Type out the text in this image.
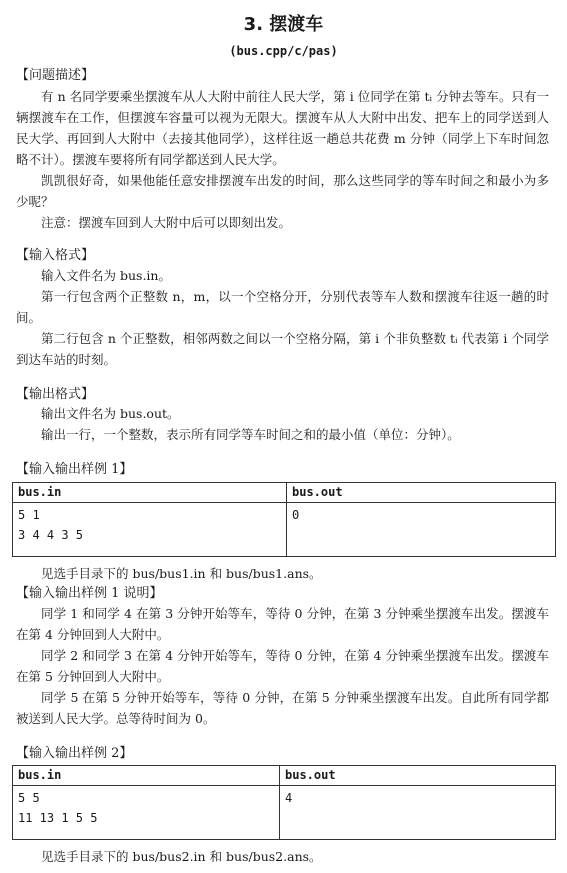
3. 摆渡车
(bus.cpp/c/pas)
【问题描述】
有 n 名同学要乘坐摆渡车从人大附中前往人民大学，第 i 位同学在第 tᵢ 分钟去等车。只有一辆摆渡车在工作，但摆渡车容量可以视为无限大。摆渡车从人大附中出发、把车上的同学送到人民大学、再回到人大附中（去接其他同学），这样往返一趟总共花费 m 分钟（同学上下车时间忽略不计）。摆渡车要将所有同学都送到人民大学。
凯凯很好奇，如果他能任意安排摆渡车出发的时间，那么这些同学的等车时间之和最小为多少呢？
注意：摆渡车回到人大附中后可以即刻出发。
【输入格式】
输入文件名为 bus.in。
第一行包含两个正整数 n，m，以一个空格分开，分别代表等车人数和摆渡车往返一趟的时间。
第二行包含 n 个正整数，相邻两数之间以一个空格分隔，第 i 个非负整数 tᵢ 代表第 i 个同学到达车站的时刻。
【输出格式】
输出文件名为 bus.out。
输出一行，一个整数，表示所有同学等车时间之和的最小值（单位：分钟）。
【输入输出样例 1】
bus.in	bus.out

5 1
3 4 4 3 5	0
见选手目录下的 bus/bus1.in 和 bus/bus1.ans。
【输入输出样例 1 说明】
同学 1 和同学 4 在第 3 分钟开始等车，等待 0 分钟，在第 3 分钟乘坐摆渡车出发。摆渡车在第 4 分钟回到人大附中。
同学 2 和同学 3 在第 4 分钟开始等车，等待 0 分钟，在第 4 分钟乘坐摆渡车出发。摆渡车在第 5 分钟回到人大附中。
同学 5 在第 5 分钟开始等车，等待 0 分钟，在第 5 分钟乘坐摆渡车出发。自此所有同学都被送到人民大学。总等待时间为 0。
【输入输出样例 2】
bus.in	bus.out

5 5
11 13 1 5 5	4
见选手目录下的 bus/bus2.in 和 bus/bus2.ans。
